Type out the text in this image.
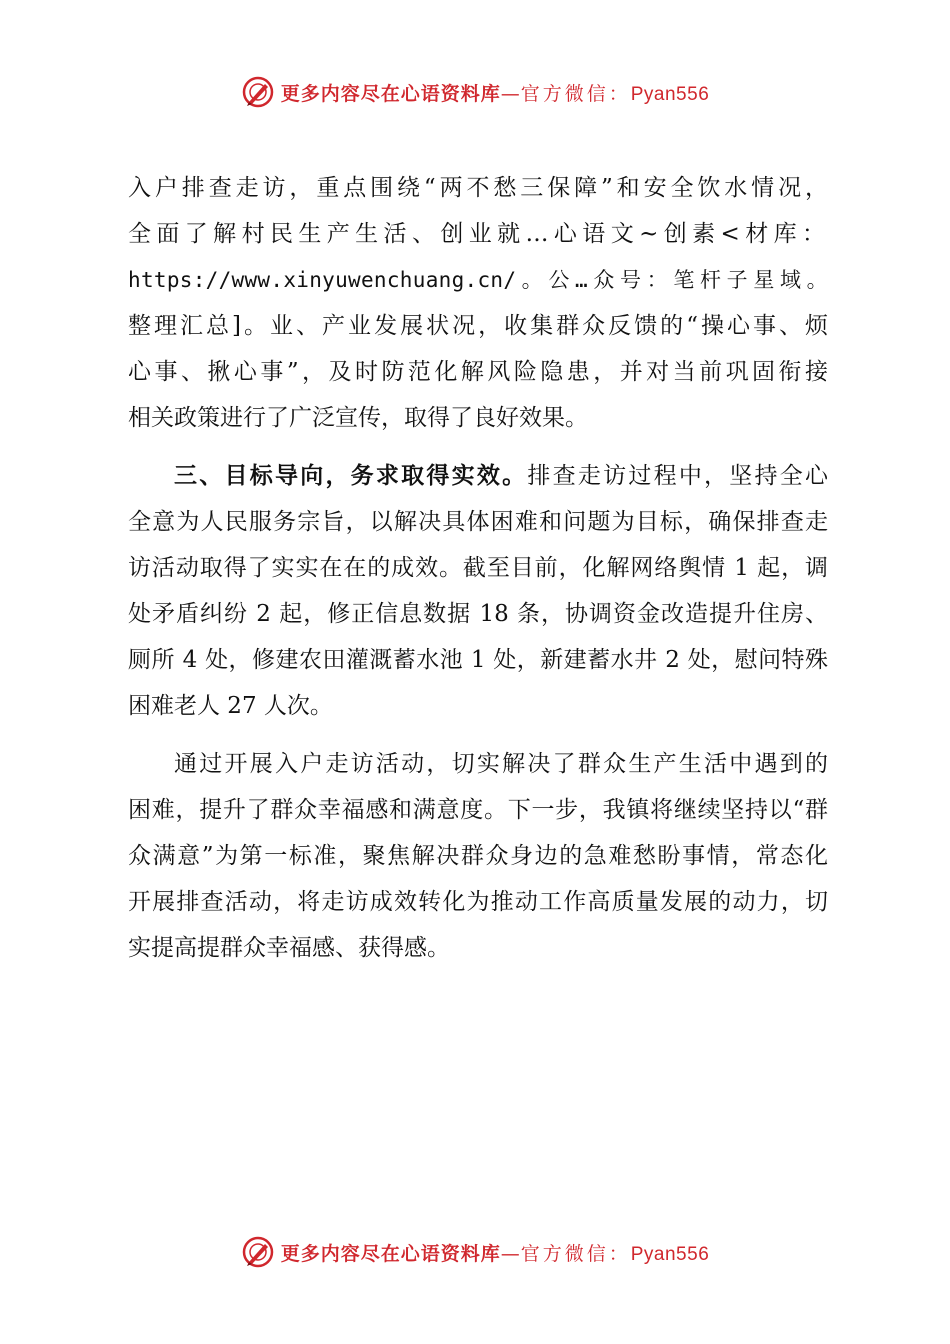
更多内容尽在心语资料库—官方微信：Pyan556
入户排查走访，重点围绕“两不愁三保障”和安全饮水情况，
全面了解村民生产生活、创业就…心语文~创素<材库：
https://www.xinyuwenchuang.cn/。公…众号：笔杆子星域。
整理汇总]。业、产业发展状况，收集群众反馈的“操心事、烦
心事、揪心事”，及时防范化解风险隐患，并对当前巩固衔接
相关政策进行了广泛宣传，取得了良好效果。
三、目标导向，务求取得实效。排查走访过程中，坚持全心
全意为人民服务宗旨，以解决具体困难和问题为目标，确保排查走
访活动取得了实实在在的成效。截至目前，化解网络舆情 1 起，调
处矛盾纠纷 2 起，修正信息数据 18 条，协调资金改造提升住房、
厕所 4 处，修建农田灌溉蓄水池 1 处，新建蓄水井 2 处，慰问特殊
困难老人 27 人次。
通过开展入户走访活动，切实解决了群众生产生活中遇到的
困难，提升了群众幸福感和满意度。下一步，我镇将继续坚持以“群
众满意”为第一标准，聚焦解决群众身边的急难愁盼事情，常态化
开展排查活动，将走访成效转化为推动工作高质量发展的动力，切
实提高提群众幸福感、获得感。
更多内容尽在心语资料库—官方微信：Pyan556
